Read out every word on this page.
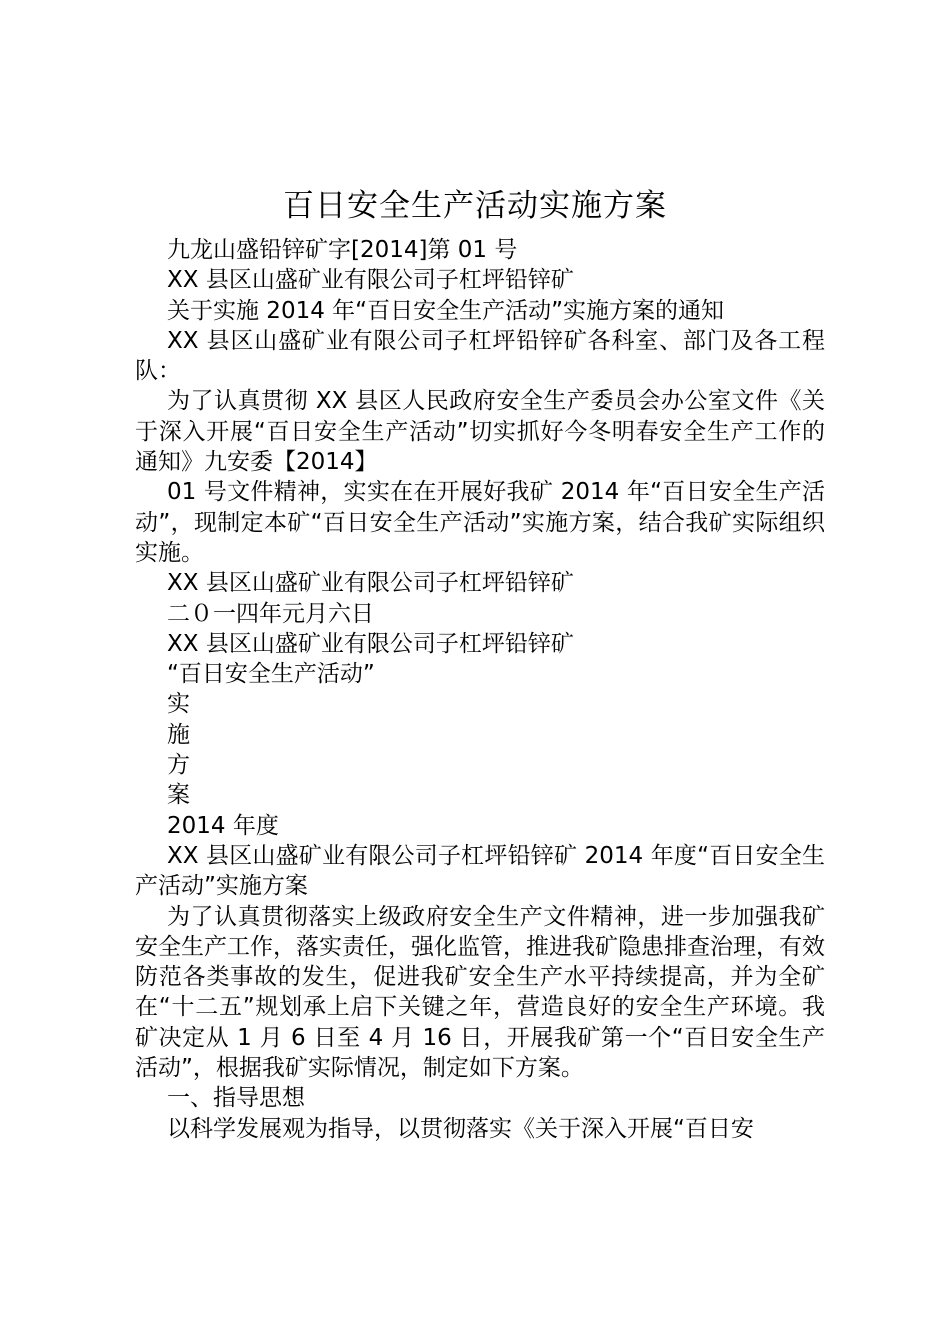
百日安全生产活动实施方案

九龙山盛铅锌矿字[2014]第 01 号

XX 县区山盛矿业有限公司子杠坪铅锌矿

关于实施 2014 年“百日安全生产活动”实施方案的通知

XX 县区山盛矿业有限公司子杠坪铅锌矿各科室、部门及各工程队：

为了认真贯彻 XX 县区人民政府安全生产委员会办公室文件《关于深入开展“百日安全生产活动”切实抓好今冬明春安全生产工作的通知》九安委【2014】

01 号文件精神，实实在在开展好我矿 2014 年“百日安全生产活动”，现制定本矿“百日安全生产活动”实施方案，结合我矿实际组织实施。

XX 县区山盛矿业有限公司子杠坪铅锌矿

二０一四年元月六日

XX 县区山盛矿业有限公司子杠坪铅锌矿

“百日安全生产活动”

实

施

方

案

2014 年度

XX 县区山盛矿业有限公司子杠坪铅锌矿 2014 年度“百日安全生产活动”实施方案

为了认真贯彻落实上级政府安全生产文件精神，进一步加强我矿安全生产工作，落实责任，强化监管，推进我矿隐患排查治理，有效防范各类事故的发生，促进我矿安全生产水平持续提高，并为全矿在“十二五”规划承上启下关键之年，营造良好的安全生产环境。我矿决定从 1 月 6 日至 4 月 16 日，开展我矿第一个“百日安全生产活动”，根据我矿实际情况，制定如下方案。

一、指导思想

以科学发展观为指导，以贯彻落实《关于深入开展“百日安
